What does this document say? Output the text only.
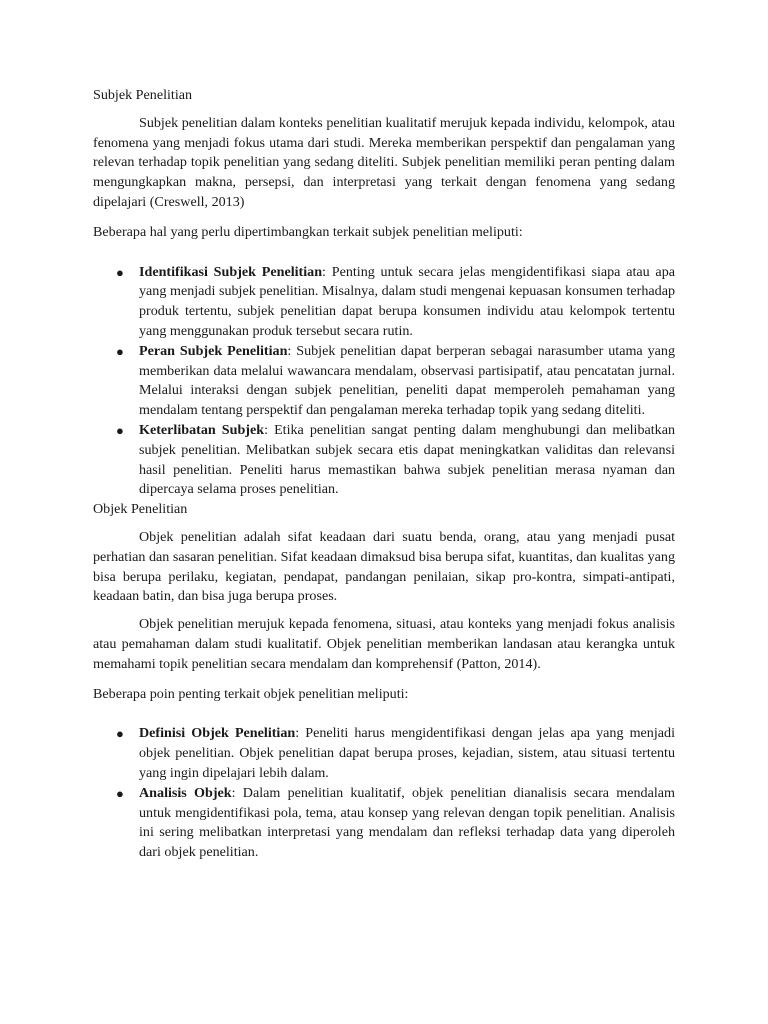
Subjek Penelitian

Subjek penelitian dalam konteks penelitian kualitatif merujuk kepada individu, kelompok, atau fenomena yang menjadi fokus utama dari studi. Mereka memberikan perspektif dan pengalaman yang relevan terhadap topik penelitian yang sedang diteliti. Subjek penelitian memiliki peran penting dalam mengungkapkan makna, persepsi, dan interpretasi yang terkait dengan fenomena yang sedang dipelajari (Creswell, 2013)

Beberapa hal yang perlu dipertimbangkan terkait subjek penelitian meliputi:

● Identifikasi Subjek Penelitian: Penting untuk secara jelas mengidentifikasi siapa atau apa yang menjadi subjek penelitian. Misalnya, dalam studi mengenai kepuasan konsumen terhadap produk tertentu, subjek penelitian dapat berupa konsumen individu atau kelompok tertentu yang menggunakan produk tersebut secara rutin.
● Peran Subjek Penelitian: Subjek penelitian dapat berperan sebagai narasumber utama yang memberikan data melalui wawancara mendalam, observasi partisipatif, atau pencatatan jurnal. Melalui interaksi dengan subjek penelitian, peneliti dapat memperoleh pemahaman yang mendalam tentang perspektif dan pengalaman mereka terhadap topik yang sedang diteliti.
● Keterlibatan Subjek: Etika penelitian sangat penting dalam menghubungi dan melibatkan subjek penelitian. Melibatkan subjek secara etis dapat meningkatkan validitas dan relevansi hasil penelitian. Peneliti harus memastikan bahwa subjek penelitian merasa nyaman dan dipercaya selama proses penelitian.

Objek Penelitian

Objek penelitian adalah sifat keadaan dari suatu benda, orang, atau yang menjadi pusat perhatian dan sasaran penelitian. Sifat keadaan dimaksud bisa berupa sifat, kuantitas, dan kualitas yang bisa berupa perilaku, kegiatan, pendapat, pandangan penilaian, sikap pro-kontra, simpati-antipati, keadaan batin, dan bisa juga berupa proses.

Objek penelitian merujuk kepada fenomena, situasi, atau konteks yang menjadi fokus analisis atau pemahaman dalam studi kualitatif. Objek penelitian memberikan landasan atau kerangka untuk memahami topik penelitian secara mendalam dan komprehensif (Patton, 2014).

Beberapa poin penting terkait objek penelitian meliputi:

● Definisi Objek Penelitian: Peneliti harus mengidentifikasi dengan jelas apa yang menjadi objek penelitian. Objek penelitian dapat berupa proses, kejadian, sistem, atau situasi tertentu yang ingin dipelajari lebih dalam.
● Analisis Objek: Dalam penelitian kualitatif, objek penelitian dianalisis secara mendalam untuk mengidentifikasi pola, tema, atau konsep yang relevan dengan topik penelitian. Analisis ini sering melibatkan interpretasi yang mendalam dan refleksi terhadap data yang diperoleh dari objek penelitian.
